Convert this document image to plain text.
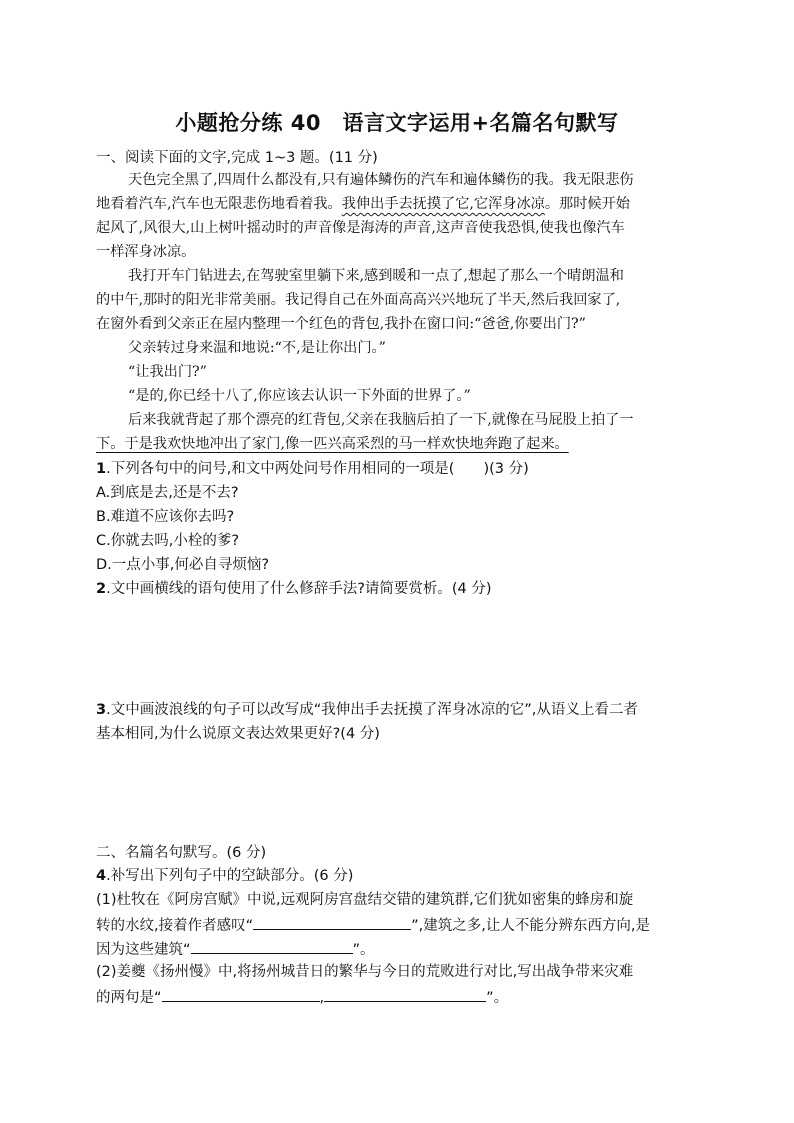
小题抢分练 40　语言文字运用+名篇名句默写
一、阅读下面的文字,完成 1~3 题。(11 分)
天色完全黑了,四周什么都没有,只有遍体鳞伤的汽车和遍体鳞伤的我。我无限悲伤
地看着汽车,汽车也无限悲伤地看着我。我伸出手去抚摸了它,它浑身冰凉。那时候开始
起风了,风很大,山上树叶摇动时的声音像是海涛的声音,这声音使我恐惧,使我也像汽车
一样浑身冰凉。
我打开车门钻进去,在驾驶室里躺下来,感到暖和一点了,想起了那么一个晴朗温和
的中午,那时的阳光非常美丽。我记得自己在外面高高兴兴地玩了半天,然后我回家了,
在窗外看到父亲正在屋内整理一个红色的背包,我扑在窗口问:“爸爸,你要出门?”
父亲转过身来温和地说:“不,是让你出门。”
“让我出门?”
“是的,你已经十八了,你应该去认识一下外面的世界了。”
后来我就背起了那个漂亮的红背包,父亲在我脑后拍了一下,就像在马屁股上拍了一
下。于是我欢快地冲出了家门,像一匹兴高采烈的马一样欢快地奔跑了起来。
1.下列各句中的问号,和文中两处问号作用相同的一项是(　　)(3 分)
A.到底是去,还是不去?
B.难道不应该你去吗?
C.你就去吗,小栓的爹?
D.一点小事,何必自寻烦恼?
2.文中画横线的语句使用了什么修辞手法?请简要赏析。(4 分)
3.文中画波浪线的句子可以改写成“我伸出手去抚摸了浑身冰凉的它”,从语义上看二者
基本相同,为什么说原文表达效果更好?(4 分)
二、名篇名句默写。(6 分)
4.补写出下列句子中的空缺部分。(6 分)
(1)杜牧在《阿房宫赋》中说,远观阿房宫盘结交错的建筑群,它们犹如密集的蜂房和旋
转的水纹,接着作者感叹“	”,建筑之多,让人不能分辨东西方向,是
因为这些建筑“	”。
(2)姜夔《扬州慢》中,将扬州城昔日的繁华与今日的荒败进行对比,写出战争带来灾难
的两句是“	,	”。
